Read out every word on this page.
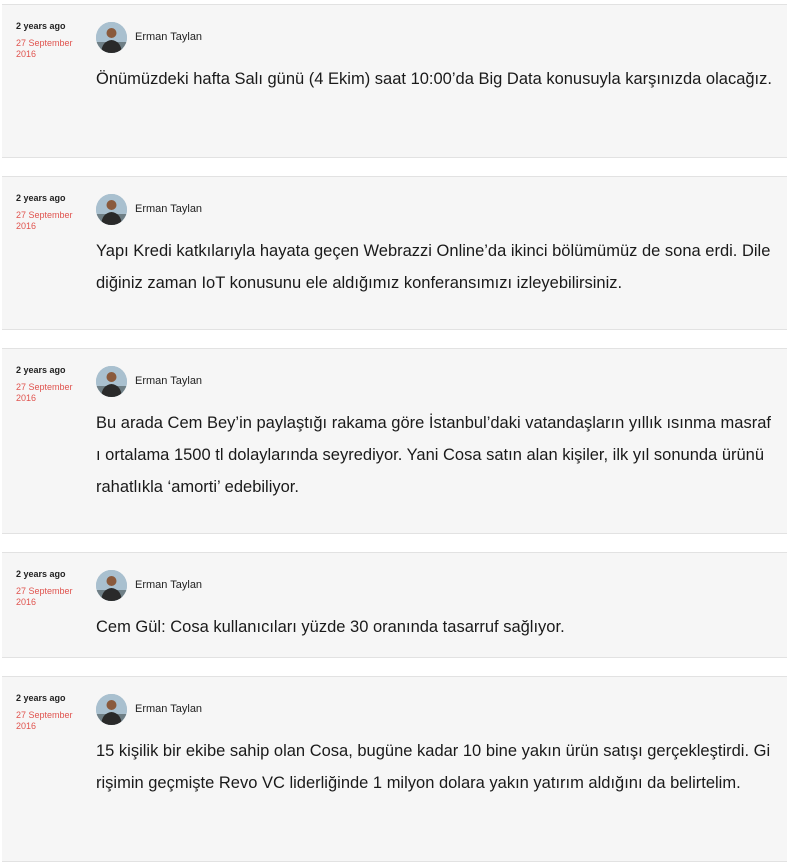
2 years ago
27 September 2016
Erman Taylan
Önümüzdeki hafta Salı günü (4 Ekim) saat 10:00’da Big Data konusuyla karşınızda olacağız.
2 years ago
27 September 2016
Erman Taylan
Yapı Kredi katkılarıyla hayata geçen Webrazzi Online’da ikinci bölümümüz de sona erdi. Dilediğiniz zaman IoT konusunu ele aldığımız konferansımızı izleyebilirsiniz.
2 years ago
27 September 2016
Erman Taylan
Bu arada Cem Bey’in paylaştığı rakama göre İstanbul’daki vatandaşların yıllık ısınma masrafı ortalama 1500 tl dolaylarında seyrediyor. Yani Cosa satın alan kişiler, ilk yıl sonunda ürünü rahatlıkla ‘amorti’ edebiliyor.
2 years ago
27 September 2016
Erman Taylan
Cem Gül: Cosa kullanıcıları yüzde 30 oranında tasarruf sağlıyor.
2 years ago
27 September 2016
Erman Taylan
15 kişilik bir ekibe sahip olan Cosa, bugüne kadar 10 bine yakın ürün satışı gerçekleştirdi. Girişimin geçmişte Revo VC liderliğinde 1 milyon dolara yakın yatırım aldığını da belirtelim.
